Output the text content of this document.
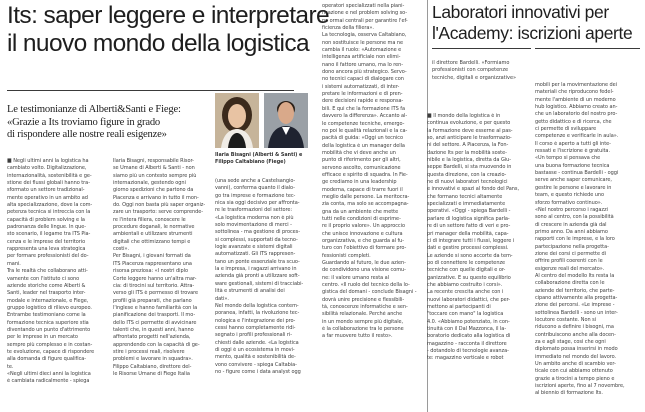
Its: saper leggere e interpretare
il nuovo mondo della logistica
Le testimonianze di Alberti&Santi e Fiege:
«Grazie a Its troviamo figure in grado
di rispondere alle nostre reali esigenze»
Ilaria Bisagni (Alberti & Santi) e
Filippo Caltabiano (Fiege)

■ Negli ultimi anni la logistica ha

cambiato volto. Digitalizzazione,

internazionalità, sostenibilità e ge-

stione dei flussi globali hanno tra-

sformato un settore tradizional-

mente operativo in un ambito ad

alta specializzazione, dove la com-

petenza tecnica si intreccia con la

capacità di problem solving e la

padronanza delle lingue. In que-

sto scenario, il legame tra ITS Pia-

cenza e le imprese del territorio

rappresenta una leva strategica

per formare professionisti del do-

mani.

Tra le realtà che collaborano atti-

vamente con l'istituto ci sono

aziende storiche come Alberti &

Santi, leader nel trasporto inter-

modale e internazionale, e Fiege,

gruppo logistico di rilievo europeo.

Entrambe testimoniano come la

formazione tecnica superiore stia

diventando un punto d'attrimento

per le imprese in un mercato

sempre più complesso e in costan-

te evoluzione, capace di rispondere

alla domanda di figure qualifica-

te.

«Negli ultimi dieci anni la logistica

è cambiata radicalmente - spiega

Ilaria Bisagni, responsabile Risor-

se Umane di Alberti & Santi - non

siamo più un contesto sempre più

internazionale, gestendo ogni

giorno spedizioni che partono da

Piacenza e arrivano in tutto il mon-

do. Oggi non basta più saper organiz-

zare un trasporto: serve comprende-

re l'intera filiera, conoscere le

procedure doganali, le normative

ambientali e utilizzare strumenti

digitali che ottimizzano tempi e

costi».

Per Bisagni, i giovani formati da

ITS Piacenza rappresentano una

risorsa preziosa: «I nostri diplo

Corte leggere hanno un'altra mar-

cia: di tirocini sul territorio. Attra-

verso gli ITS è permesso di trovare

profili già preparati, che parlano

l'inglese e hanno familiarità con la

pianificazione dei trasporti. Il mo-

dello ITS ci permette di avvicinare

talenti che, in questi anni, hanno

affrontato progetti nell'azienda,

apprendendo con la capacità di ge-

stire i processi reali, risolvere

problemi e lavorare in squadra».

Filippo Caltabiano, direttore del-

le Risorse Umane di Fiege Italia

(una sede anche a Castelsangio-

vanni), conferma quanto il dialo-

go tra imprese e formazione tec-

nica sia oggi decisivo per affronta-

re le trasformazioni del settore:

«La logistica moderna non è più

solo movimentazione di merci -

sottolinea - ma gestione di proces-

si complessi, supportati da tecno-

logie avanzate e sistemi digitali

automatizzati. Gli ITS rappresen-

tano un ponte essenziale tra scuo-

la e impresa, i ragazzi arrivano in

azienda già pronti a utilizzare soft-

ware gestionali, sistemi di tracciabi-

lità e strumenti di analisi dei

dati».

Nel mondo della logistica contem-

poranea, infatti, la rivoluzione tec-

nologica e l'integrazione dei pro-

cessi hanno completamente ridi-

segnato i profili professionali ri-

chiesti dalle aziende. «La logistica

di oggi è un ecosistema in movi-

mento, qualità e sostenibilità de-

vono convivere - spiega Caltabia-

no - figure come i data analyst ogg

operatori specializzati nella piani-

ficazione e nel problem solving so-

no ormai centrali per garantire l'ef-

ficienza della filiera».

La tecnologia, osserva Caltabiano,

non sostituisce le persone ma ne

cambia il ruolo: «Automazione e

intelligenza artificiale non elimi-

nano il fattore umano, ma lo ren-

dono ancora più strategico. Servo-

no tecnici capaci di dialogare con

i sistemi automatizzati, di inter-

pretare le informazioni e di pren-

dere decisioni rapide e responsa-

bili. È qui che la formazione ITS fa

davvero la differenza». Accanto al-

le competenze tecniche, emergo-

no poi le qualità relazionali e la ca-

pacità di guida: «Oggi un tecnico

della logistica è un manager della

mobilità che vi deve anche un

punto di riferimento per gli altri,

servono ascolto, comunicazione

efficace e spirito di squadra. In Fie-

ge crediamo in una leadership

moderna, capace di trarre fuori il

meglio dalle persone. La meritocra-

zia conta, ma solo se accompagna-

gna da un ambiente che mette

tutti nelle condizioni di esprime-

re il proprio valore». Un approccio

che unisce innovazione e cultura

organizzativa, e che guarda al fu-

turo con l'obiettivo di formare pro-

fessionisti completi.

Guardando al futuro, le due azien-

de condividono una visione comu-

ne: il valore umano resta al

centro. «Il ruolo del tecnico della lo-

gistica del domani - conclude Bisagni -

dovrà unire precisione e flessibili-

tà, conoscenze informatiche e sen-

sibilità relazionale. Perché anche

in un mondo sempre più digitale,

è la collaborazione tra le persone

a far muovere tutto il resto».

Laboratori innovativi per
l'Academy: iscrizioni aperte

il direttore Bardelli. «Formiamo

professionisti con competenze

tecniche, digitali e organizzative»

■ Il mondo della logistica è in

continua evoluzione, e per questo

la formazione deve esserne al pas-

so, anzi anticipare le trasformazio-

ni del settore. A Piacenza, la Fon-

dazione Its per la mobilità soste-

nibile e la logistica, diretta da Giu-

seppe Bardelli, si sta muovendo in

questa direzione, con la creazio-

ne di nuovi laboratori tecnologici

e innovativi e spazi al fondo del Pans,

che formano tecnici altamente

specializzati e immediatamente

operativi. «Oggi - spiega Bardelli -

parlare di logistica significa parla-

re di un settore fatto di veri e pro-

pri manager della mobilità, capa-

ci di integrare tutti i flussi, leggere i

dati e gestire processi complessi.

Le aziende si sono accorte da tem-

po di connettere le competenze

tecniche con quelle digitali e or-

ganizzative. È su questo equilibrio

che abbiamo costruito i corsi».

La recente crescita anche con i

nuovi laboratori didattici, che per-

mettono ai partecipanti di

"toccare con mano" la logistica

4.0. «Abbiamo potenziato, in con-

tinuità con il Dal Mazzonca, il la-

boratorio dedicato alla logistica di

magazzino - racconta il direttore

- dotandolo di tecnologie avanza-

te: magazzino verticale e robot

mobili per la movimentazione dei

materiali che riproducono fedel-

mente l'ambiente di un moderno

hub logistico. Abbiamo creato an-

che un laboratorio del nostro pro-

getto didattico e di ricerca, che

ci permette di sviluppare

competenze e verificarle in aula».

Il corso è aperto a tutti gli inte-

ressati e l'iscrizione è gratuita.

«Un tempo si pensava che

una buona formazione tecnica

bastasse - continua Bardelli - oggi

serve anche saper comunicare,

gestire le persone e lavorare in

team, e questo richiede uno

sforzo formativo continuo».

«Nel nostro percorso i ragazzi

sono al centro, con la possibilità

di crescere in azienda già dal

primo anno. Da anni abbiamo

rapporti con le imprese, e la loro

partecipazione nella progetta-

zione dei corsi ci permette di

offrire profili coerenti con le

esigenze reali del mercato».

Al centro del modello Its resta la

collaborazione diretta con le

aziende del territorio, che parte-

cipano attivamente alla progetta-

zione dei percorsi. «Le imprese -

sottolinea Bardelli - sono un inter-

locutore costante. Non si

riducono a definire i bisogni, ma

contribuiscono anche alla docen-

za e agli stage, così che ogni

diplomato possa inserirsi in modo

immediato nel mondo del lavoro.

Un ambito anche di scambio ver-

ticale con cui abbiamo ottenuto

grazie a tirocini a tempo pieno e

iscrizioni aperte, fino al 7 novembre,

al biennio di formazione Its.
